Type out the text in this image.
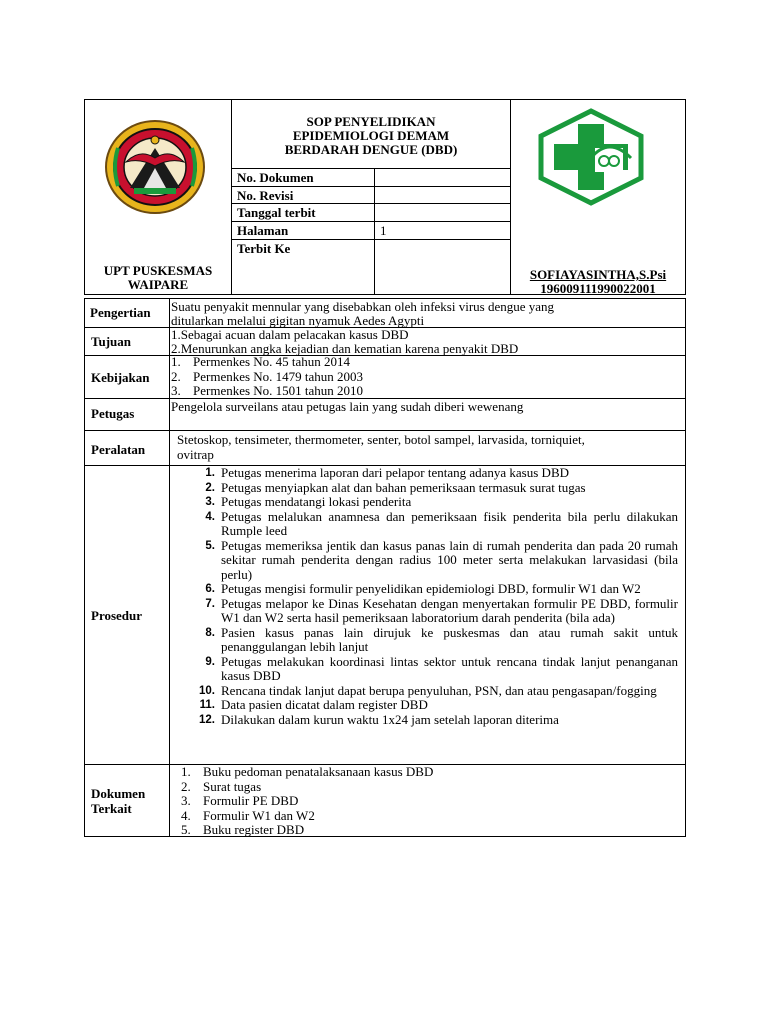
UPT PUSKESMAS
WAIPARE
SOP PENYELIDIKAN
EPIDEMIOLOGI DEMAM
BERDARAH DENGUE (DBD)
No. Dokumen
No. Revisi
Tanggal terbit
Halaman
Terbit Ke
1
SOFIAYASINTHA,S.Psi
196009111990022001
Pengertian Suatu penyakit mennular yang disebabkan oleh infeksi virus dengue yang
ditularkan melalui gigitan nyamuk Aedes Agypti
Tujuan	1.Sebagai acuan dalam pelacakan kasus DBD
2.Menurunkan angka kejadian dan kematian karena penyakit DBD
Kebijakan
1. Permenkes No. 45 tahun 2014
2. Permenkes No. 1479 tahun 2003
3. Permenkes No. 1501 tahun 2010
Petugas	Pengelola surveilans atau petugas lain yang sudah diberi wewenang
Peralatan
Stetoskop, tensimeter, thermometer, senter, botol sampel, larvasida, torniquiet,
ovitrap
Prosedur
1. Petugas menerima laporan dari pelapor tentang adanya kasus DBD
2. Petugas menyiapkan alat dan bahan pemeriksaan termasuk surat tugas
3. Petugas mendatangi lokasi penderita
4. Petugas melalukan anamnesa dan pemeriksaan fisik penderita bila perlu dilakukan Rumple leed
5. Petugas memeriksa jentik dan kasus panas lain di rumah penderita dan pada 20 rumah sekitar rumah penderita dengan radius 100 meter serta melakukan larvasidasi (bila perlu)
6. Petugas mengisi formulir penyelidikan epidemiologi DBD, formulir W1 dan W2
7. Petugas melapor ke Dinas Kesehatan dengan menyertakan formulir PE DBD, formulir W1 dan W2 serta hasil pemeriksaan laboratorium darah penderita (bila ada)
8. Pasien kasus panas lain dirujuk ke puskesmas dan atau rumah sakit untuk penanggulangan lebih lanjut
9. Petugas melakukan koordinasi lintas sektor untuk rencana tindak lanjut penanganan kasus DBD
10. Rencana tindak lanjut dapat berupa penyuluhan, PSN, dan atau pengasapan/fogging
11. Data pasien dicatat dalam register DBD
12. Dilakukan dalam kurun waktu 1x24 jam setelah laporan diterima
Dokumen
Terkait
1. Buku pedoman penatalaksanaan kasus DBD
2. Surat tugas
3. Formulir PE DBD
4. Formulir W1 dan W2
5. Buku register DBD
